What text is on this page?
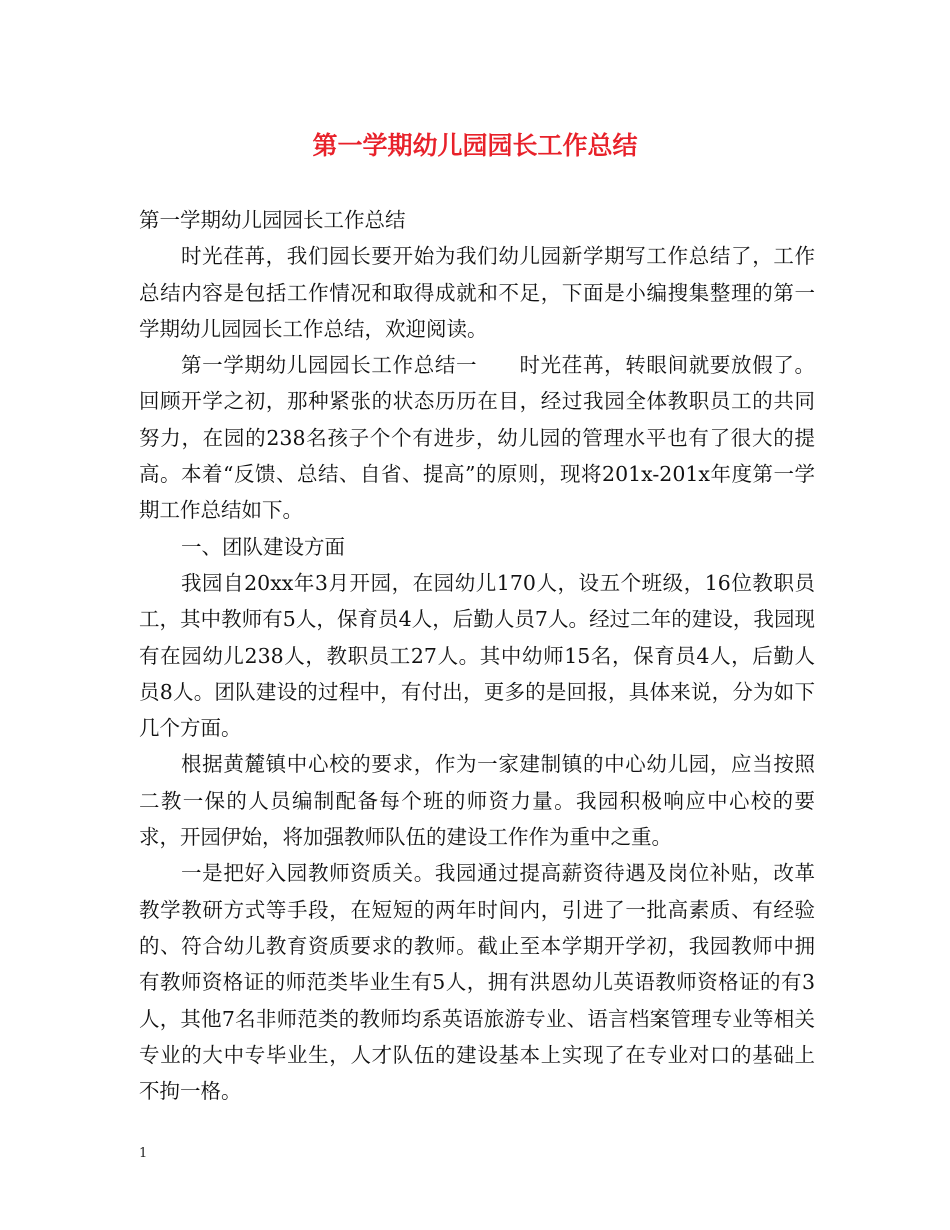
第一学期幼儿园园长工作总结

第一学期幼儿园园长工作总结

时光荏苒，我们园长要开始为我们幼儿园新学期写工作总结了，工作总结内容是包括工作情况和取得成就和不足，下面是小编搜集整理的第一学期幼儿园园长工作总结，欢迎阅读。

第一学期幼儿园园长工作总结一　　时光荏苒，转眼间就要放假了。回顾开学之初，那种紧张的状态历历在目，经过我园全体教职员工的共同努力，在园的238名孩子个个有进步，幼儿园的管理水平也有了很大的提高。本着“反馈、总结、自省、提高”的原则，现将201x-201x年度第一学期工作总结如下。

一、团队建设方面

我园自20xx年3月开园，在园幼儿170人，设五个班级，16位教职员工，其中教师有5人，保育员4人，后勤人员7人。经过二年的建设，我园现有在园幼儿238人，教职员工27人。其中幼师15名，保育员4人，后勤人员8人。团队建设的过程中，有付出，更多的是回报，具体来说，分为如下几个方面。

根据黄麓镇中心校的要求，作为一家建制镇的中心幼儿园，应当按照二教一保的人员编制配备每个班的师资力量。我园积极响应中心校的要求，开园伊始，将加强教师队伍的建设工作作为重中之重。

一是把好入园教师资质关。我园通过提高薪资待遇及岗位补贴，改革教学教研方式等手段，在短短的两年时间内，引进了一批高素质、有经验的、符合幼儿教育资质要求的教师。截止至本学期开学初，我园教师中拥有教师资格证的师范类毕业生有5人，拥有洪恩幼儿英语教师资格证的有3人，其他7名非师范类的教师均系英语旅游专业、语言档案管理专业等相关专业的大中专毕业生，人才队伍的建设基本上实现了在专业对口的基础上不拘一格。

1
